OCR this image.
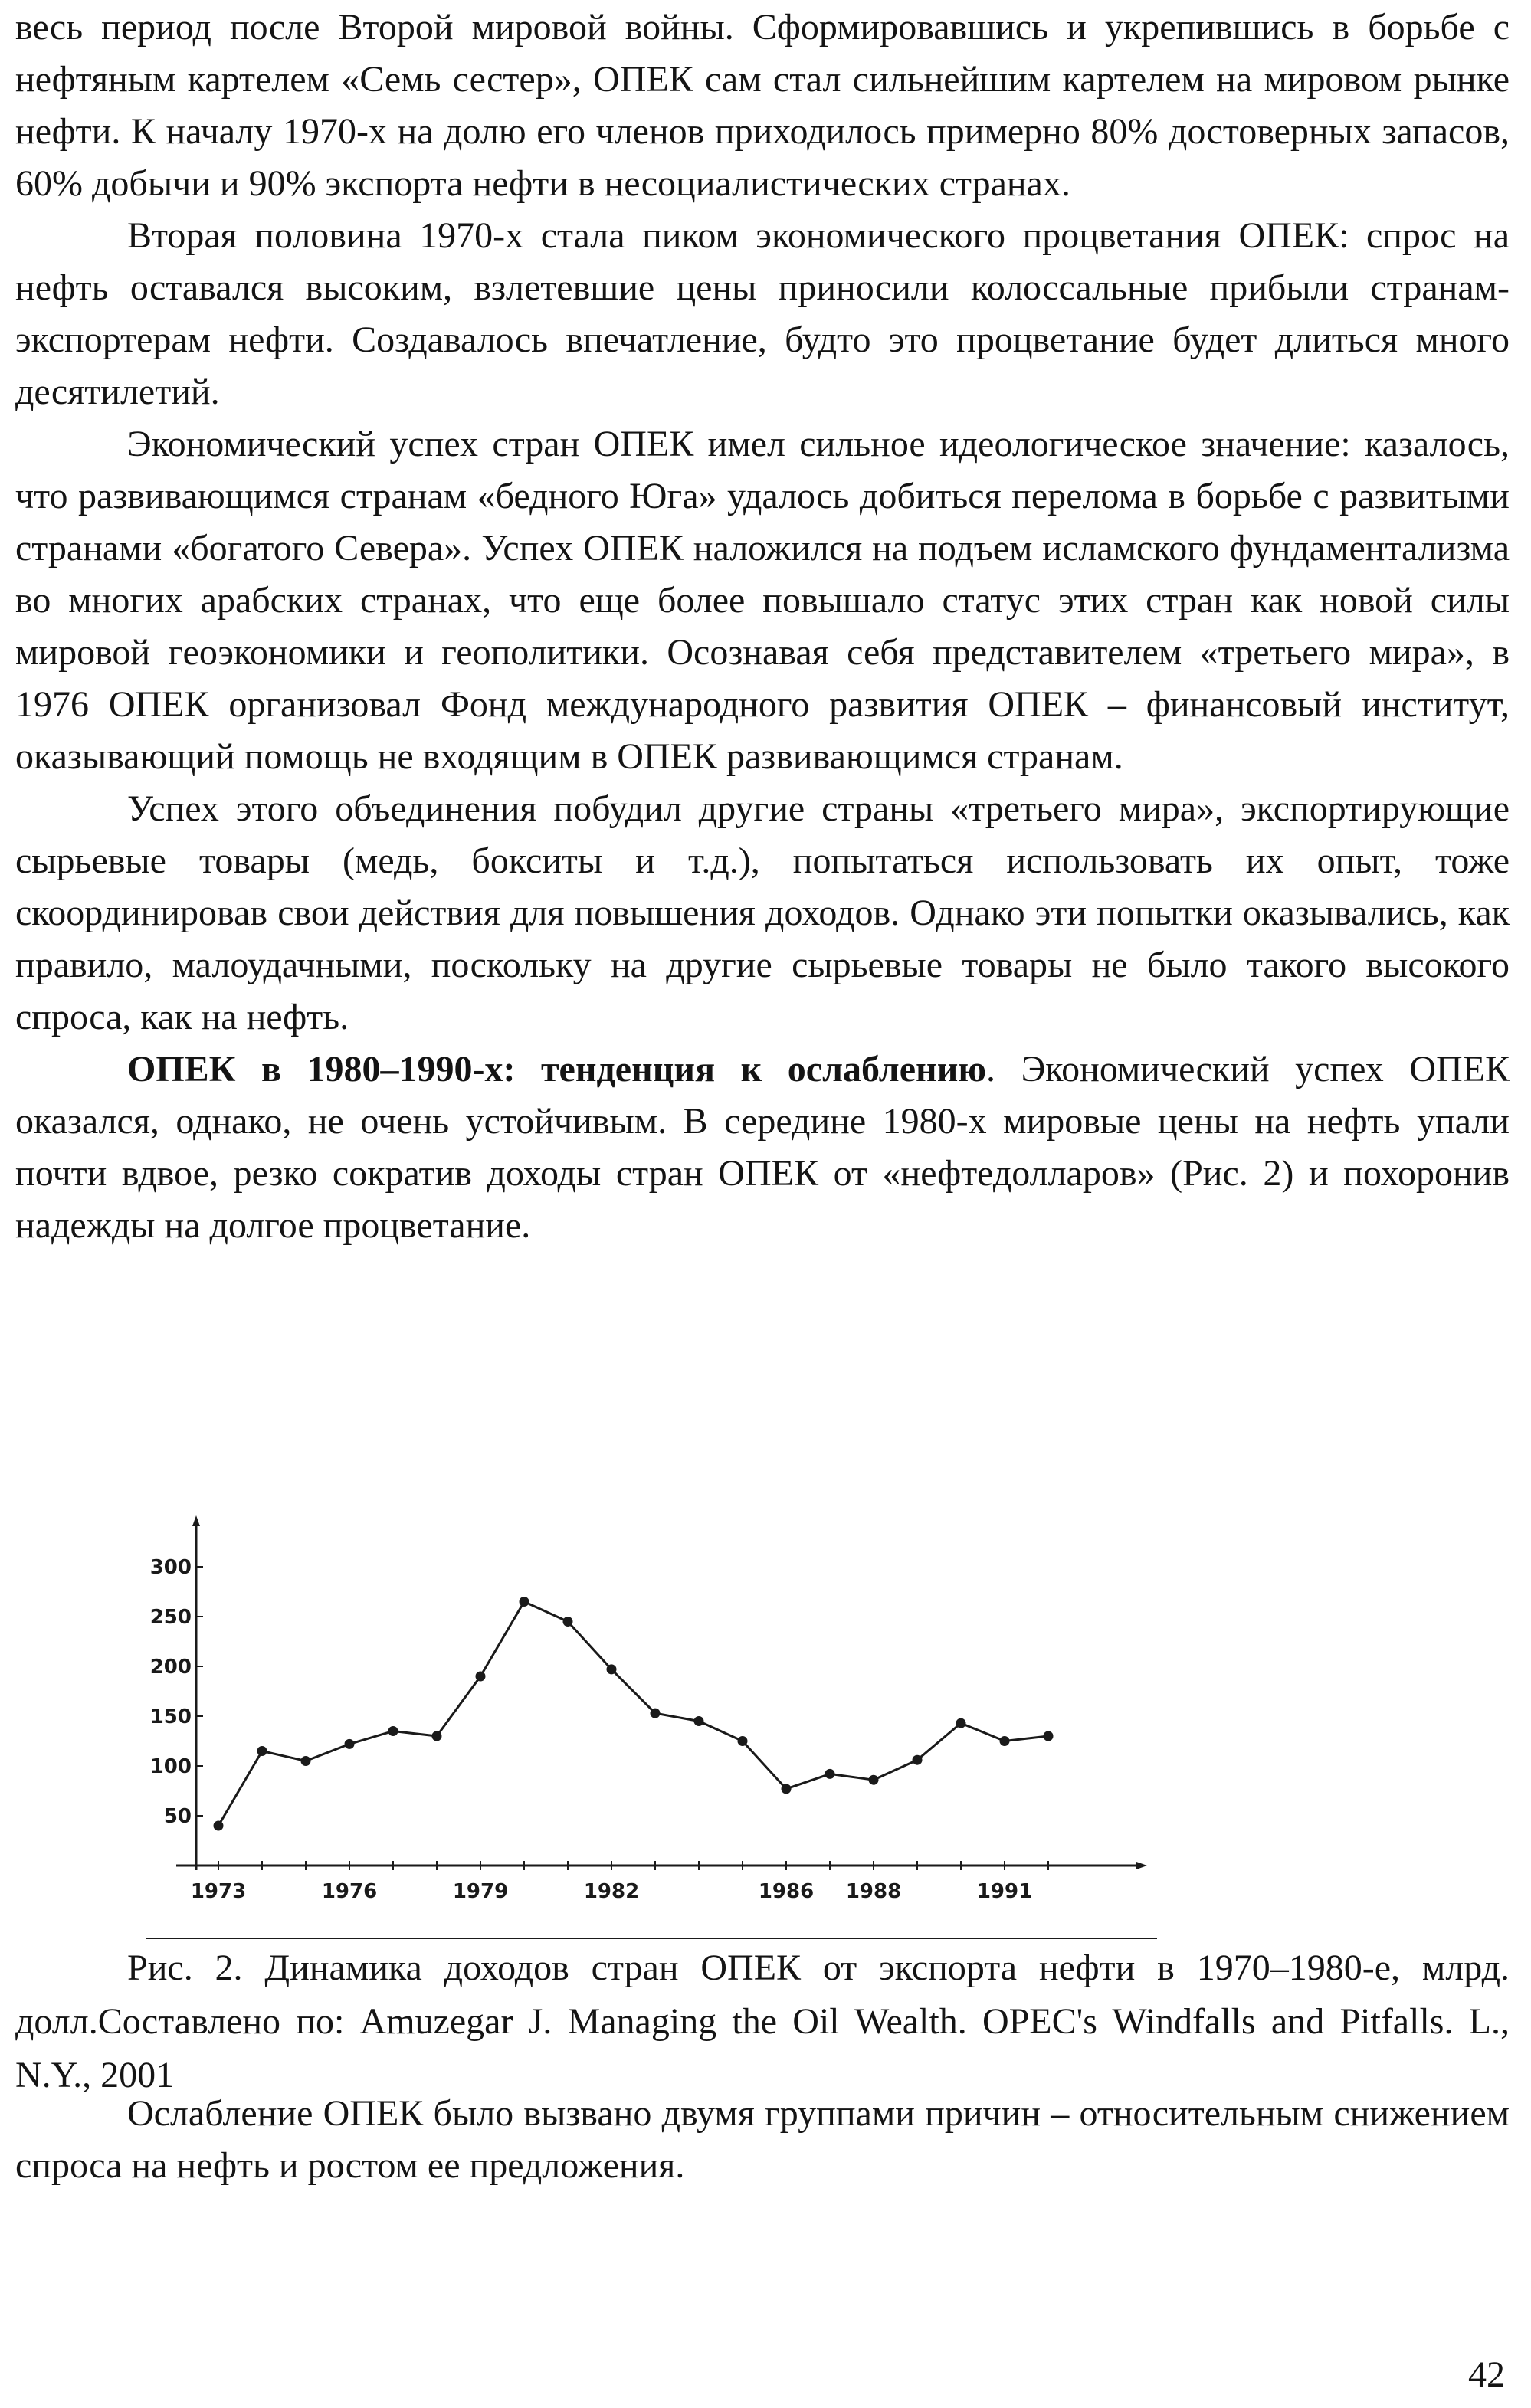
весь период после Второй мировой войны. Сформировавшись и укрепившись в борьбе с нефтяным картелем «Семь сестер», ОПЕК сам стал сильнейшим картелем на мировом рынке нефти. К началу 1970-х на долю его членов приходилось примерно 80% достоверных запасов, 60% добычи и 90% экспорта нефти в несоциалистических странах.

Вторая половина 1970-х стала пиком экономического процветания ОПЕК: спрос на нефть оставался высоким, взлетевшие цены приносили колоссальные прибыли странам-экспортерам нефти. Создавалось впечатление, будто это процветание будет длиться много десятилетий.

Экономический успех стран ОПЕК имел сильное идеологическое значение: казалось, что развивающимся странам «бедного Юга» удалось добиться перелома в борьбе с развитыми странами «богатого Севера». Успех ОПЕК наложился на подъем исламского фундаментализма во многих арабских странах, что еще более повышало статус этих стран как новой силы мировой геоэкономики и геополитики. Осознавая себя представителем «третьего мира», в 1976 ОПЕК организовал Фонд международного развития ОПЕК – финансовый институт, оказывающий помощь не входящим в ОПЕК развивающимся странам.

Успех этого объединения побудил другие страны «третьего мира», экспортирующие сырьевые товары (медь, бокситы и т.д.), попытаться использовать их опыт, тоже скоординировав свои действия для повышения доходов. Однако эти попытки оказывались, как правило, малоудачными, поскольку на другие сырьевые товары не было такого высокого спроса, как на нефть.

ОПЕК в 1980–1990-х: тенденция к ослаблению. Экономический успех ОПЕК оказался, однако, не очень устойчивым. В середине 1980-х мировые цены на нефть упали почти вдвое, резко сократив доходы стран ОПЕК от «нефтедолларов» (Рис. 2) и похоронив надежды на долгое процветание.

50
100
150
200
250
300
1973	1976	1979	1982	1986 1988	1991

Рис. 2. Динамика доходов стран ОПЕК от экспорта нефти в 1970–1980-е, млрд. долл.Составлено по: Amuzegar J. Managing the Oil Wealth. OPEC's Windfalls and Pitfalls. L., N.Y., 2001

Ослабление ОПЕК было вызвано двумя группами причин – относительным снижением спроса на нефть и ростом ее предложения.

42
